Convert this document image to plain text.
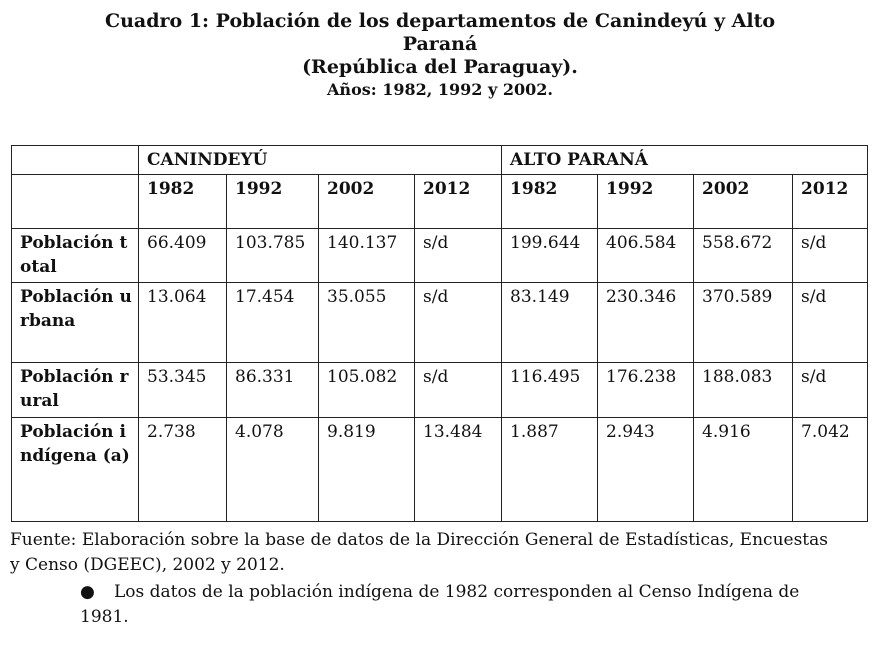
Cuadro 1: Población de los departamentos de Canindeyú y Alto
Paraná
(República del Paraguay).
Años: 1982, 1992 y 2002.
	CANINDEYÚ				ALTO PARANÁ			
	1982	1992	2002	2012	1982	1992	2002	2012
Población total	66.409	103.785	140.137	s/d	199.644	406.584	558.672	s/d
Población urbana	13.064	17.454	35.055	s/d	83.149	230.346	370.589	s/d
Población rural	53.345	86.331	105.082	s/d	116.495	176.238	188.083	s/d
Población indígena (a)	2.738	4.078	9.819	13.484	1.887	2.943	4.916	7.042
Fuente: Elaboración sobre la base de datos de la Dirección General de Estadísticas, Encuestas y Censo (DGEEC), 2002 y 2012.
● Los datos de la población indígena de 1982 corresponden al Censo Indígena de 1981.
